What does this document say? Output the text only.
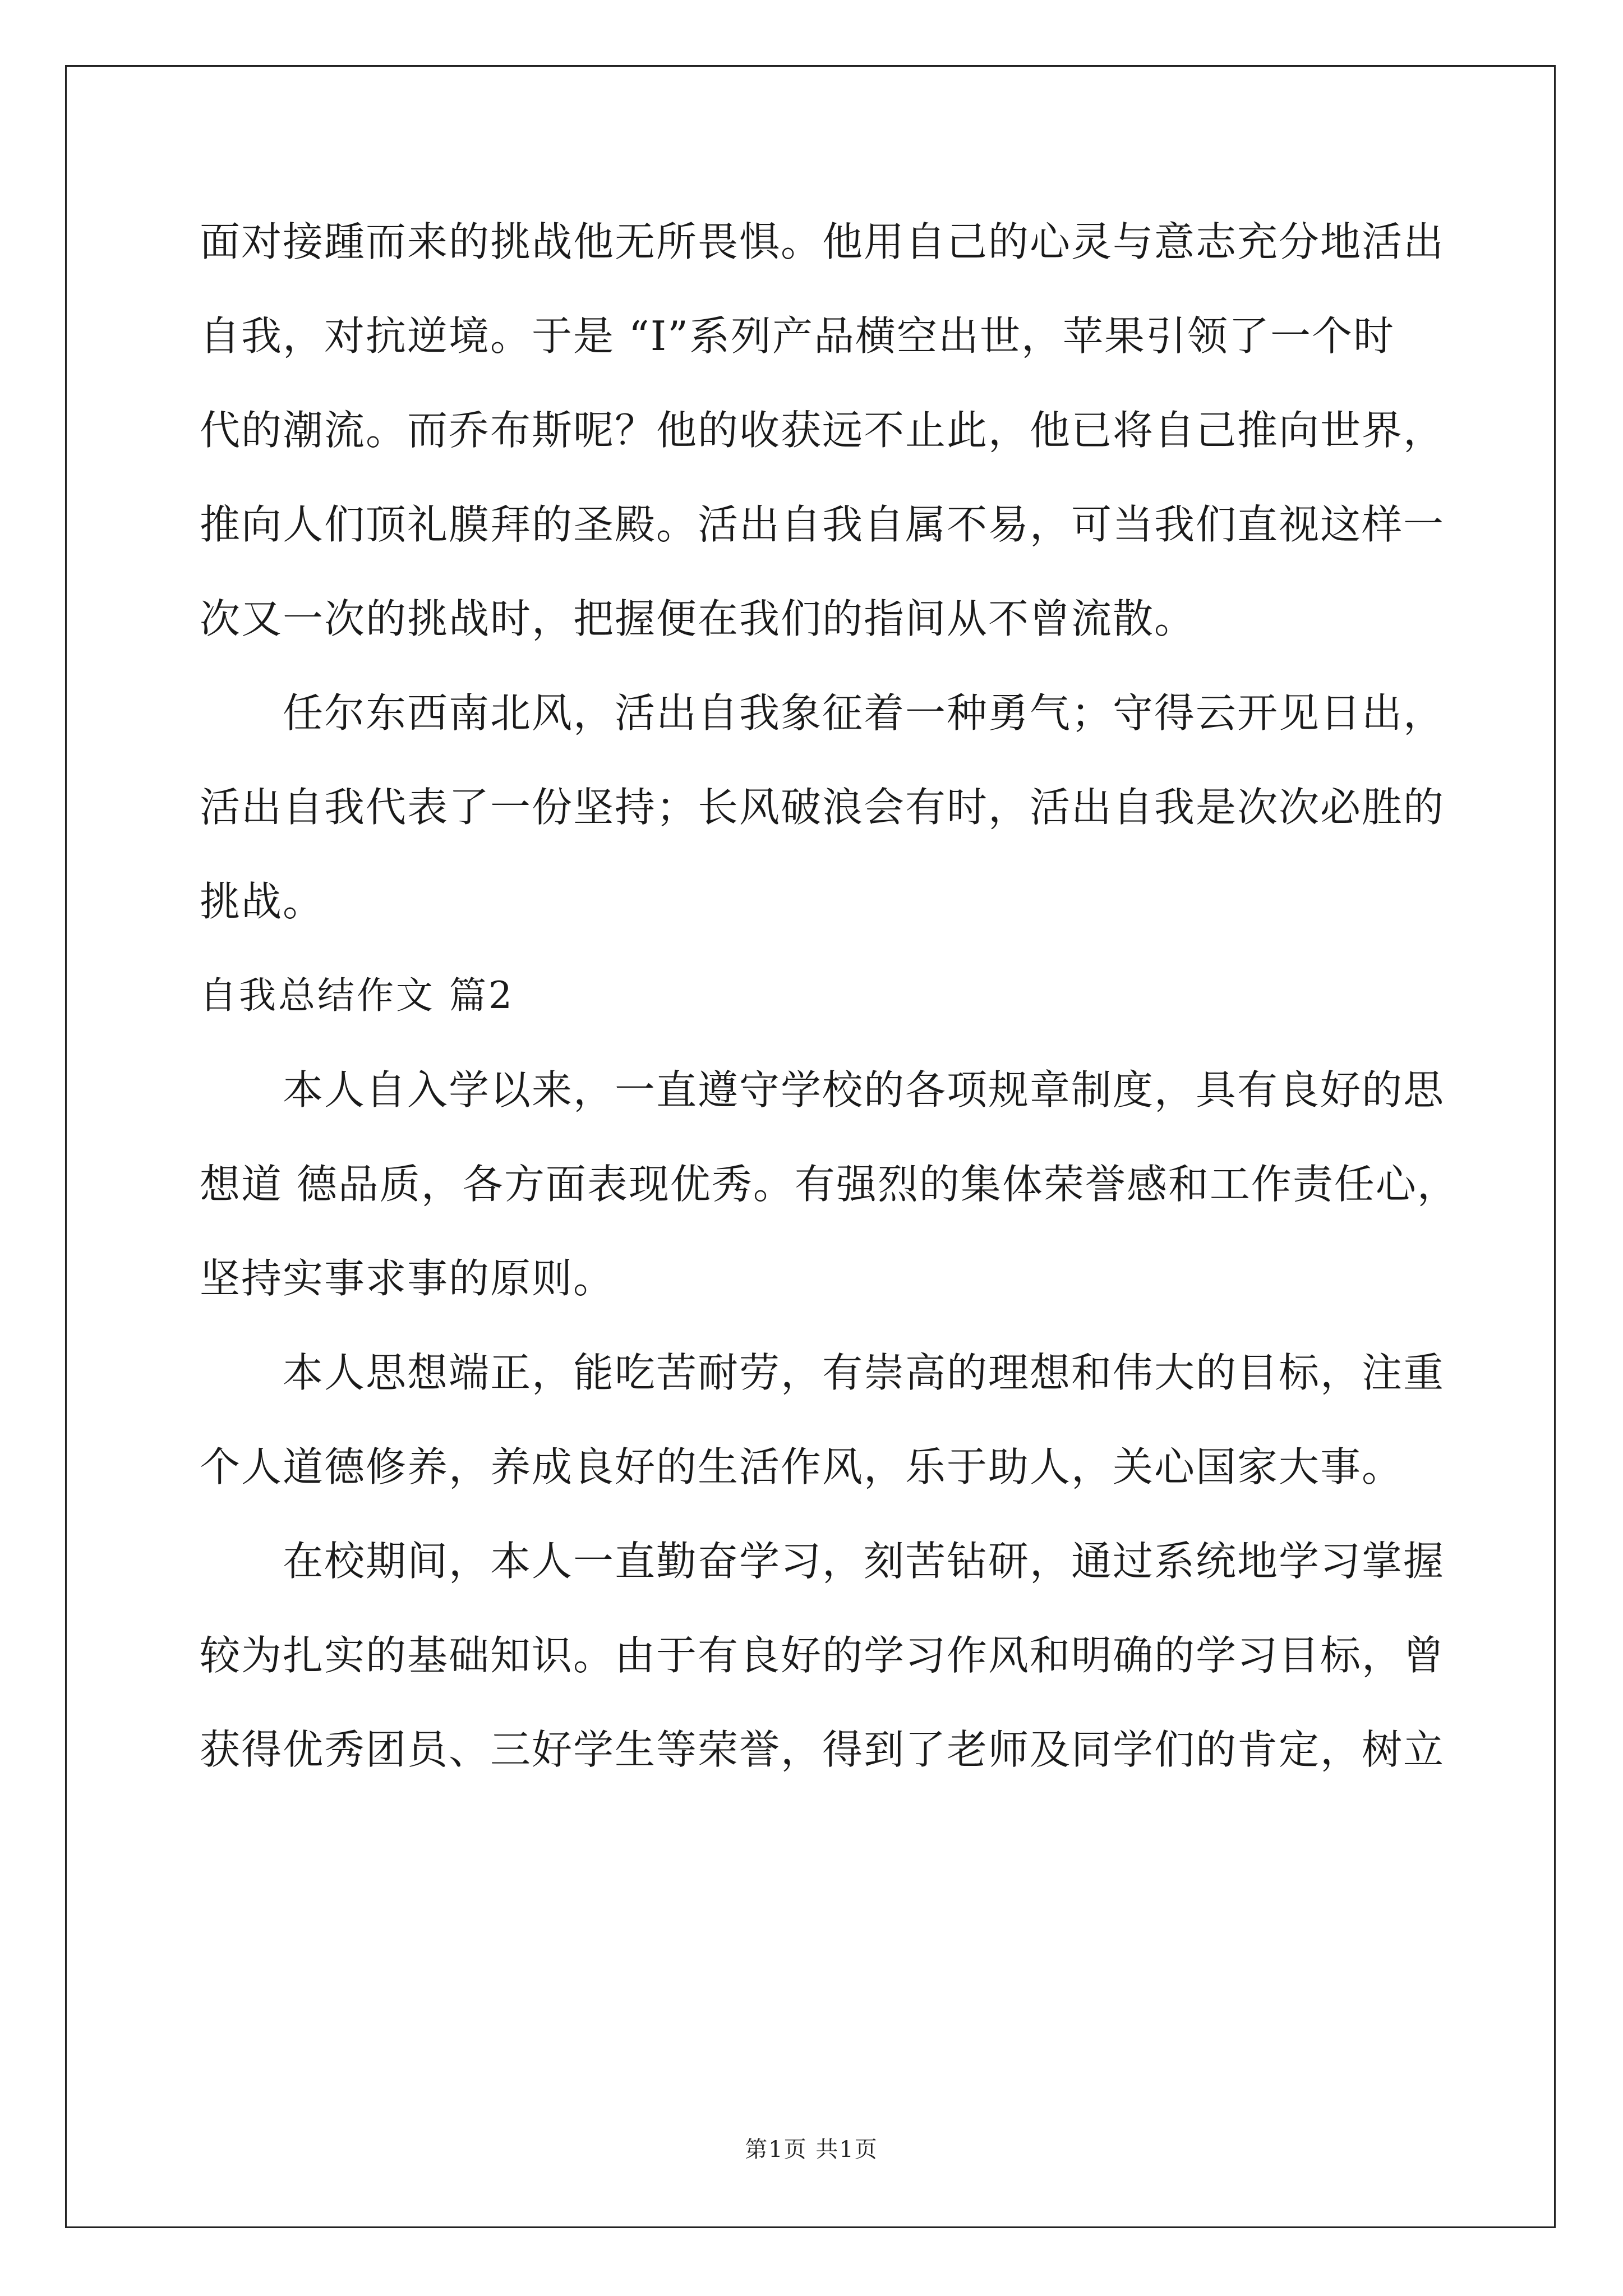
面对接踵而来的挑战他无所畏惧。他用自己的心灵与意志充分地活出
自我，对抗逆境。于是 “I”系列产品横空出世，苹果引领了一个时
代的潮流。而乔布斯呢？他的收获远不止此，他已将自己推向世界，
推向人们顶礼膜拜的圣殿。活出自我自属不易，可当我们直视这样一
次又一次的挑战时，把握便在我们的指间从不曾流散。
任尔东西南北风，活出自我象征着一种勇气；守得云开见日出，
活出自我代表了一份坚持；长风破浪会有时，活出自我是次次必胜的
挑战。
自我总结作文 篇2
本人自入学以来，一直遵守学校的各项规章制度，具有良好的思
想道 德品质，各方面表现优秀。有强烈的集体荣誉感和工作责任心，
坚持实事求事的原则。
本人思想端正，能吃苦耐劳，有崇高的理想和伟大的目标，注重
个人道德修养，养成良好的生活作风，乐于助人，关心国家大事。
在校期间，本人一直勤奋学习，刻苦钻研，通过系统地学习掌握
较为扎实的基础知识。由于有良好的学习作风和明确的学习目标，曾
获得优秀团员、三好学生等荣誉，得到了老师及同学们的肯定，树立
第1页 共1页
